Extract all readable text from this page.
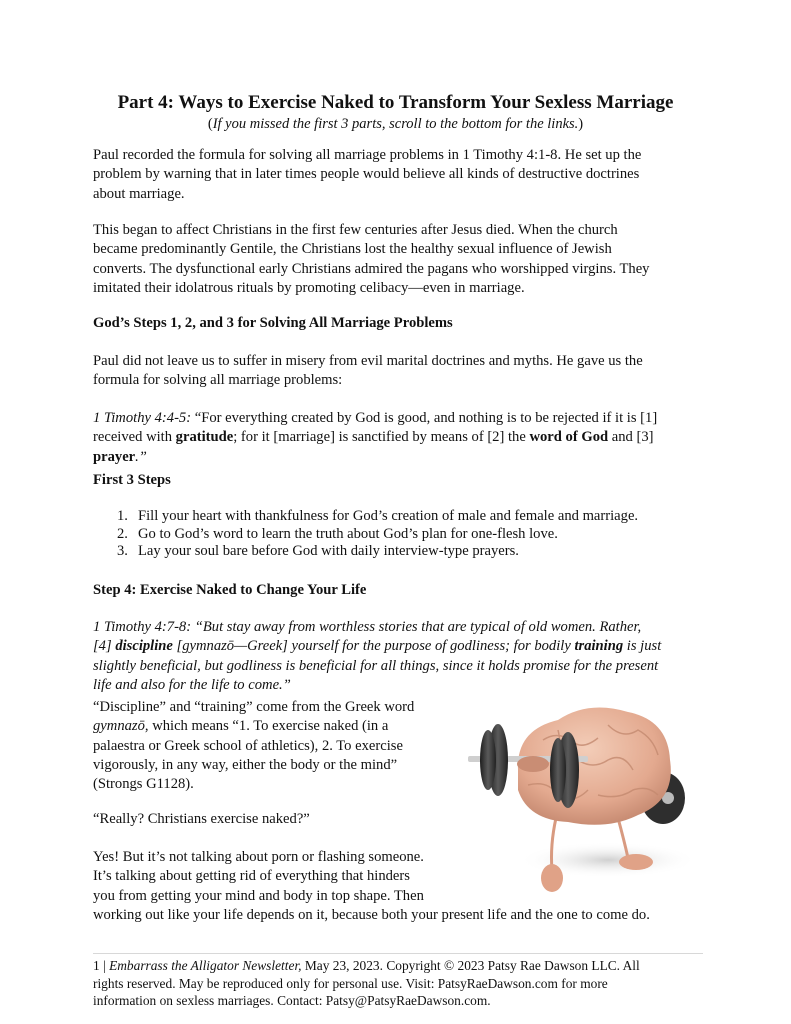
Part 4: Ways to Exercise Naked to Transform Your Sexless Marriage
(If you missed the first 3 parts, scroll to the bottom for the links.)
Paul recorded the formula for solving all marriage problems in 1 Timothy 4:1-8. He set up the
problem by warning that in later times people would believe all kinds of destructive doctrines
about marriage.
This began to affect Christians in the first few centuries after Jesus died. When the church
became predominantly Gentile, the Christians lost the healthy sexual influence of Jewish
converts. The dysfunctional early Christians admired the pagans who worshipped virgins. They
imitated their idolatrous rituals by promoting celibacy—even in marriage.
God’s Steps 1, 2, and 3 for Solving All Marriage Problems
Paul did not leave us to suffer in misery from evil marital doctrines and myths. He gave us the
formula for solving all marriage problems:
1 Timothy 4:4-5: “For everything created by God is good, and nothing is to be rejected if it is [1]
received with gratitude; for it [marriage] is sanctified by means of [2] the word of God and [3]
prayer.”
First 3 Steps
1. Fill your heart with thankfulness for God’s creation of male and female and marriage.
2. Go to God’s word to learn the truth about God’s plan for one-flesh love.
3. Lay your soul bare before God with daily interview-type prayers.
Step 4: Exercise Naked to Change Your Life
1 Timothy 4:7-8: “But stay away from worthless stories that are typical of old women. Rather,
[4] discipline [gymnazō—Greek] yourself for the purpose of godliness; for bodily training is just
slightly beneficial, but godliness is beneficial for all things, since it holds promise for the present
life and also for the life to come.”
“Discipline” and “training” come from the Greek word
gymnazō, which means “1. To exercise naked (in a
palaestra or Greek school of athletics), 2. To exercise
vigorously, in any way, either the body or the mind”
(Strongs G1128).
“Really? Christians exercise naked?”
Yes! But it’s not talking about porn or flashing someone.
It’s talking about getting rid of everything that hinders
you from getting your mind and body in top shape. Then
working out like your life depends on it, because both your present life and the one to come do.
1 | Embarrass the Alligator Newsletter, May 23, 2023. Copyright © 2023 Patsy Rae Dawson LLC. All
rights reserved. May be reproduced only for personal use. Visit: PatsyRaeDawson.com for more
information on sexless marriages. Contact: Patsy@PatsyRaeDawson.com.
